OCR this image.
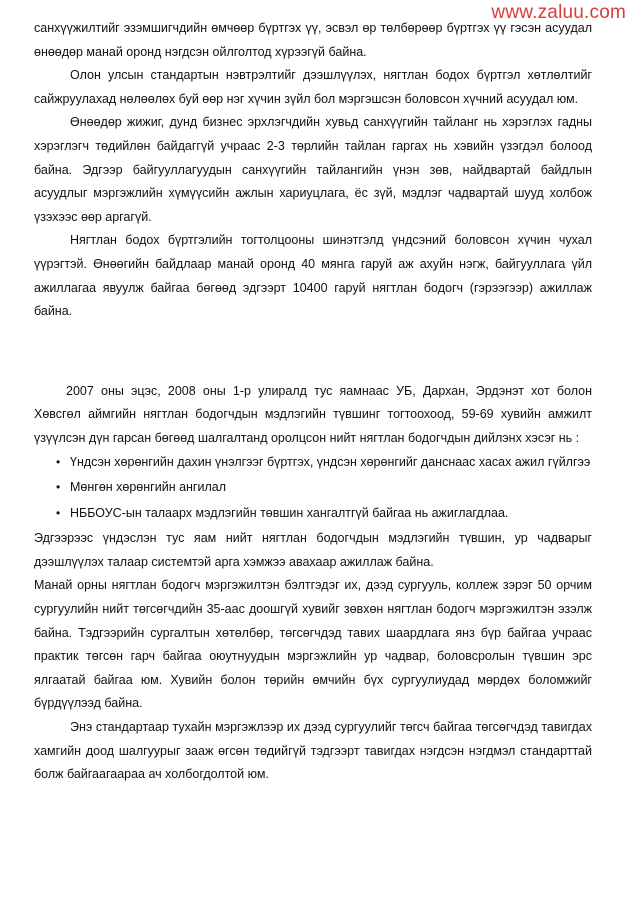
www.zaluu.com

санхүүжилтийг эзэмшигчдийн өмчөөр бүртгэх үү, эсвэл өр төлбөрөөр бүртгэх үү гэсэн асуудал өнөөдөр манай оронд нэгдсэн ойлголтод хүрээгүй байна.

Олон улсын стандартын нэвтрэлтийг дээшлүүлэх, нягтлан бодох бүртгэл хөтлөлтийг сайжруулахад нөлөөлөх буй өөр нэг хүчин зүйл бол мэргэшсэн боловсон хүчний асуудал юм.

Өнөөдөр жижиг, дунд бизнес эрхлэгчдийн хувьд санхүүгийн тайланг нь хэрэглэх гадны хэрэглэгч төдийлөн байдаггүй учраас 2-3 төрлийн тайлан гаргах нь хэвийн үзэгдэл болоод байна. Эдгээр байгууллагуудын санхүүгийн тайлангийн үнэн зөв, найдвартай байдлын асуудлыг мэргэжлийн хүмүүсийн ажлын хариуцлага, ёс зүй, мэдлэг чадвартай шууд холбож үзэхээс өөр аргагүй.

Нягтлан бодох бүртгэлийн тогтолцооны шинэтгэлд үндсэний боловсон хүчин чухал үүрэгтэй. Өнөөгийн байдлаар манай оронд 40 мянга гаруй аж ахуйн нэгж, байгууллага үйл ажиллагаа явуулж байгаа бөгөөд эдгээрт 10400 гаруй нягтлан бодогч (гэрээгээр) ажиллаж байна.

2007 оны эцэс, 2008 оны 1-р улиралд тус яамнаас УБ, Дархан, Эрдэнэт хот болон Хөвсгөл аймгийн нягтлан бодогчдын мэдлэгийн түвшинг тогтоохоод, 59-69 хувийн амжилт үзүүлсэн дүн гарсан бөгөөд шалгалтанд оролцсон нийт нягтлан бодогчдын дийлэнх хэсэг нь :

• Үндсэн хөрөнгийн дахин үнэлгээг бүртгэх, үндсэн хөрөнгийг данснаас хасах ажил гүйлгээ
• Мөнгөн хөрөнгийн ангилал
• НББОУС-ын талаарх мэдлэгийн төвшин хангалтгүй байгаа нь ажиглагдлаа.

Эдгээрээс үндэслэн тус яам нийт нягтлан бодогчдын мэдлэгийн түвшин, ур чадварыг дээшлүүлэх талаар системтэй арга хэмжээ авахаар ажиллаж байна.

Манай орны нягтлан бодогч мэргэжилтэн бэлтгэдэг их, дээд сургууль, коллеж зэрэг 50 орчим сургуулийн нийт төгсөгчдийн 35-аас доошгүй хувийг зөвхөн нягтлан бодогч мэргэжилтэн эзэлж байна. Тэдгээрийн сургалтын хөтөлбөр, төгсөгчдэд тавих шаардлага янз бүр байгаа учраас практик төгсөн гарч байгаа оюутнуудын мэргэжлийн ур чадвар, боловсролын түвшин эрс ялгаатай байгаа юм. Хувийн болон төрийн өмчийн бүх сургуулиудад мөрдөх боломжийг бүрдүүлээд байна.

Энэ стандартаар тухайн мэргэжлээр их дээд сургуулийг төгсч байгаа төгсөгчдэд тавигдах хамгийн доод шалгуурыг зааж өгсөн төдийгүй тэдгээрт тавигдах нэгдсэн нэгдмэл стандарттай болж байгаагаараа ач холбогдолтой юм.
